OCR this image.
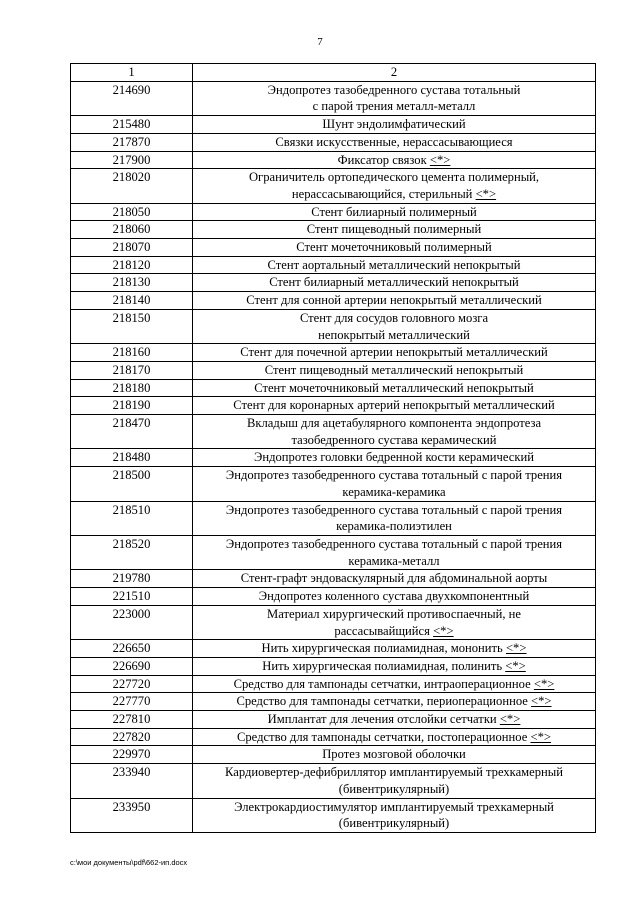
7
1	2
214690	Эндопротез тазобедренного сустава тотальный
с парой трения металл-металл

215480	Шунт эндолимфатический
217870	Связки искусственные, нерассасывающиеся
217900	Фиксатор связок <*>
218020	Ограничитель ортопедического цемента полимерный,
нерассасывающийся, стерильный <*>

218050	Стент билиарный полимерный
218060	Стент пищеводный полимерный
218070	Стент мочеточниковый полимерный
218120	Стент аортальный металлический непокрытый
218130	Стент билиарный металлический непокрытый
218140	Стент для сонной артерии непокрытый металлический
218150	Стент для сосудов головного мозга
непокрытый металлический

218160	Стент для почечной артерии непокрытый металлический
218170	Стент пищеводный металлический непокрытый
218180	Стент мочеточниковый металлический непокрытый
218190	Стент для коронарных артерий непокрытый металлический
218470	Вкладыш для ацетабулярного компонента эндопротеза
тазобедренного сустава керамический

218480	Эндопротез головки бедренной кости керамический
218500	Эндопротез тазобедренного сустава тотальный с парой трения
керамика-керамика

218510	Эндопротез тазобедренного сустава тотальный с парой трения
керамика-полиэтилен

218520	Эндопротез тазобедренного сустава тотальный с парой трения
керамика-металл

219780	Стент-графт эндоваскулярный для абдоминальной аорты
221510	Эндопротез коленного сустава двухкомпонентный
223000	Материал хирургический противоспаечный, не
рассасывайщийся <*>

226650	Нить хирургическая полиамидная, мононить <*>
226690	Нить хирургическая полиамидная, полинить <*>
227720	Средство для тампонады сетчатки, интраоперационное <*>
227770	Средство для тампонады сетчатки, периоперационное <*>
227810	Имплантат для лечения отслойки сетчатки <*>
227820	Средство для тампонады сетчатки, постоперационное <*>
229970	Протез мозговой оболочки
233940	Кардиовертер-дефибриллятор имплантируемый трехкамерный
(бивентрикулярный)

233950	Электрокардиостимулятор имплантируемый трехкамерный
(бивентрикулярный)
c:\мои документы\pdf\662-ип.docx
